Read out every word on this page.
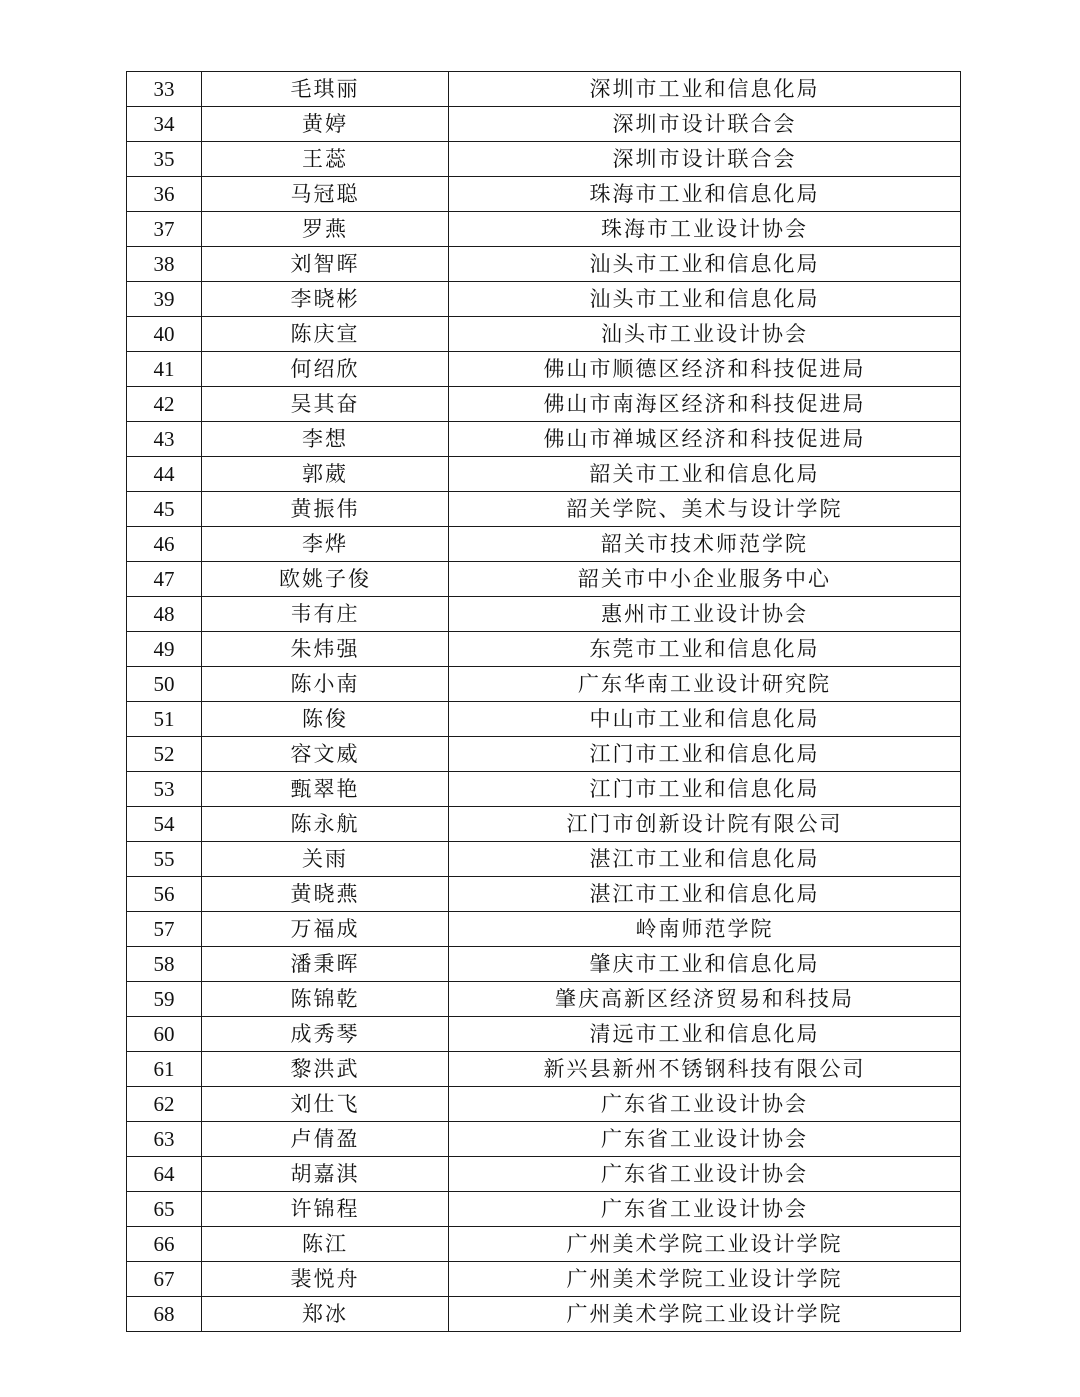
33	毛琪丽	深圳市工业和信息化局
34	黄婷	深圳市设计联合会
35	王蕊	深圳市设计联合会
36	马冠聪	珠海市工业和信息化局
37	罗燕	珠海市工业设计协会
38	刘智晖	汕头市工业和信息化局
39	李晓彬	汕头市工业和信息化局
40	陈庆宣	汕头市工业设计协会
41	何绍欣	佛山市顺德区经济和科技促进局
42	吴其奋	佛山市南海区经济和科技促进局
43	李想	佛山市禅城区经济和科技促进局
44	郭葳	韶关市工业和信息化局
45	黄振伟	韶关学院、美术与设计学院
46	李烨	韶关市技术师范学院
47	欧姚子俊	韶关市中小企业服务中心
48	韦有庄	惠州市工业设计协会
49	朱炜强	东莞市工业和信息化局
50	陈小南	广东华南工业设计研究院
51	陈俊	中山市工业和信息化局
52	容文威	江门市工业和信息化局
53	甄翠艳	江门市工业和信息化局
54	陈永航	江门市创新设计院有限公司
55	关雨	湛江市工业和信息化局
56	黄晓燕	湛江市工业和信息化局
57	万福成	岭南师范学院
58	潘秉晖	肇庆市工业和信息化局
59	陈锦乾	肇庆高新区经济贸易和科技局
60	成秀琴	清远市工业和信息化局
61	黎洪武	新兴县新州不锈钢科技有限公司
62	刘仕飞	广东省工业设计协会
63	卢倩盈	广东省工业设计协会
64	胡嘉淇	广东省工业设计协会
65	许锦程	广东省工业设计协会
66	陈江	广州美术学院工业设计学院
67	裴悦舟	广州美术学院工业设计学院
68	郑冰	广州美术学院工业设计学院
